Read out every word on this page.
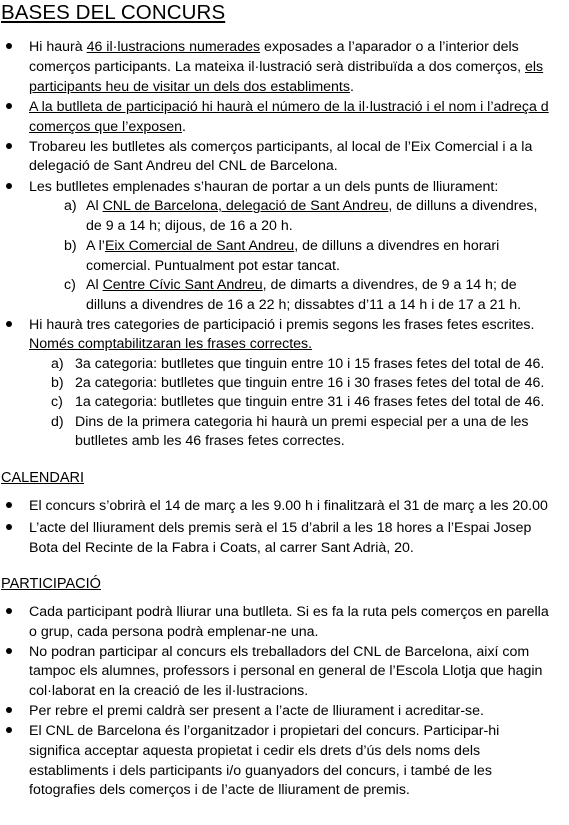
BASES DEL CONCURS
Hi haurà 46 il·lustracions numerades exposades a l’aparador o a l’interior dels
comerços participants. La mateixa il·lustració serà distribuïda a dos comerços, els
participants heu de visitar un dels dos establiments.
A la butlleta de participació hi haurà el número de la il·lustració i el nom i l’adreça d
comerços que l’exposen.
Trobareu les butlletes als comerços participants, al local de l’Eix Comercial i a la
delegació de Sant Andreu del CNL de Barcelona.
Les butlletes emplenades s’hauran de portar a un dels punts de lliurament:
a) Al CNL de Barcelona, delegació de Sant Andreu, de dilluns a divendres,
de 9 a 14 h; dijous, de 16 a 20 h.
b) A l’Eix Comercial de Sant Andreu, de dilluns a divendres en horari
comercial. Puntualment pot estar tancat.
c) Al Centre Cívic Sant Andreu, de dimarts a divendres, de 9 a 14 h; de
dilluns a divendres de 16 a 22 h; dissabtes d’11 a 14 h i de 17 a 21 h.
Hi haurà tres categories de participació i premis segons les frases fetes escrites.
Només comptabilitzaran les frases correctes.
a) 3a categoria: butlletes que tinguin entre 10 i 15 frases fetes del total de 46.
b) 2a categoria: butlletes que tinguin entre 16 i 30 frases fetes del total de 46.
c) 1a categoria: butlletes que tinguin entre 31 i 46 frases fetes del total de 46.
d) Dins de la primera categoria hi haurà un premi especial per a una de les
butlletes amb les 46 frases fetes correctes.
CALENDARI
El concurs s’obrirà el 14 de març a les 9.00 h i finalitzarà el 31 de març a les 20.00
L’acte del lliurament dels premis serà el 15 d’abril a les 18 hores a l’Espai Josep
Bota del Recinte de la Fabra i Coats, al carrer Sant Adrià, 20.
PARTICIPACIÓ
Cada participant podrà lliurar una butlleta. Si es fa la ruta pels comerços en parella
o grup, cada persona podrà emplenar-ne una.
No podran participar al concurs els treballadors del CNL de Barcelona, així com
tampoc els alumnes, professors i personal en general de l’Escola Llotja que hagin
col·laborat en la creació de les il·lustracions.
Per rebre el premi caldrà ser present a l’acte de lliurament i acreditar-se.
El CNL de Barcelona és l’organitzador i propietari del concurs. Participar-hi
significa acceptar aquesta propietat i cedir els drets d’ús dels noms dels
establiments i dels participants i/o guanyadors del concurs, i també de les
fotografies dels comerços i de l’acte de lliurament de premis.
